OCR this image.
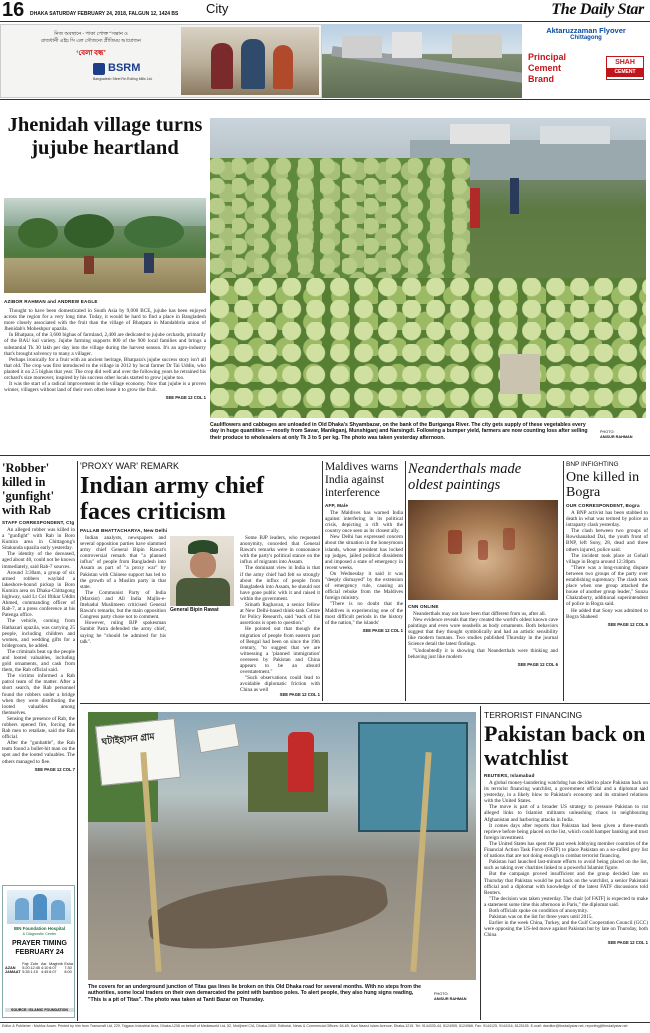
16 DHAKA SATURDAY FEBRUARY 24, 2018, FALGUN 12, 1424 BS City	The Daily Star
নিজ অবস্থানে - পাকা পোক্ত “সন্তান ও
রাজধানী এইচ সি এল সৌজন্যে প্রীতিময় আয়োজন
‘বেলা বন্ধ’
BSRM
Bangladesh Steel Re-Rolling Mills Ltd.
Aktaruzzaman Flyover
Chittagong
Principal
Cement
Brand
SHAH
CEMENT
Jhenidah village turns jujube heartland
AZIBOR RAHMAN and ANDREW EAGLE

Thought to have been domesticated in South Asia by 9,000 BCE, jujube has been enjoyed across the region for a very long time. Today, it would be hard to find a place in Bangladesh more closely associated with the fruit than the village of Bhatpara in Mandabbria union of Jhenidah's Moheshpur upazila.

In Bhatpara, of the 3,600 bighas of farmland, 2,400 are dedicated to jujube orchards, primarily of the BAU kul variety. Jujube farming supports 800 of the 900 local families and brings a substantial Tk 30 lakh per day into the village during the harvest season. It's an agro-industry that's brought solvency to many a villager.

Perhaps ironically for a fruit with an ancient heritage, Bhatpara's jujube success story isn't all that old. The crop was first introduced to the village in 2012 by local farmer Dr Tai Uddin, who planted it on 2.5 bighas that year. The crop did well and over the following years he retrained his orchard's size moreover, inspired by his success other locals started to grow jujube too.

It was the start of a radical improvement in the village economy. Now that jujube is a proven winner, villagers without land of their own often lease it to grow the fruit.

SEE PAGE 12 COL 1
Cauliflowers and cabbages are unloaded in Old Dhaka's Shyambazar, on the bank of the Buriganga River. The city gets supply of these vegetables every day in huge quantities — mostly from Savar, Manikganj, Munshiganj and Narsingdi. Following a bumper yield, farmers are now counting loss after selling their produce to wholesalers at only Tk 3 to 5 per kg. The photo was taken yesterday afternoon.
PHOTO:
ANISUR RAHMAN
'Robber' killed in 'gunfight' with Rab
STAFF CORRESPONDENT, Ctg

An alleged robber was killed in a "gunfight" with Rab in Boro Kumira area in Chittagong's Sitakunda upazila early yesterday.

The identity of the deceased, aged about 40, could not be known immediately, said Rab-7 sources.

Around 3:30am, a group of six armed robbers waylaid a lakeshore-bound pickup in Boro Kumira area on Dhaka-Chittagong highway, said Lt Col Iftikar Uddin Ahmed, commanding officer of Rab-7, at a press conference at his Patenga office.

The vehicle, coming from Hathazari upazila, was carrying 25 people, including children and women, and wedding gifts for a bridegroom, he added.

The criminals beat up the people and looted valuables, including gold ornaments, and cash from them, the Rab official said.

The victims informed a Rab patrol team of the matter. After a short search, the Rab personnel found the robbers under a bridge when they were distributing the looted valuables among themselves.

Sensing the presence of Rab, the robbers opened fire, forcing the Rab men to retaliate, said the Rab official.

After the "gunbattle", the Rab team found a bullet-hit man on the spot and the looted valuables. The others managed to flee.

SEE PAGE 12 COL 7
IBN Foundation Hospital
& Diagnostic Center
PRAYER TIMING
FEBRUARY 24
	Fajr	Zohr	Asr	Maghrib	Esha
AZAN	5:20	12:45	4:10	6:07	7:30
JAMAAT	5:35	1:15	4:45	6:07	8:00
SOURCE: ISLAMIC FOUNDATION
'PROXY WAR' REMARK
Indian army chief faces criticism
PALLAB BHATTACHARYA, New Delhi
General Bipin Rawat

Indian analysts, newspapers and several opposition parties have slammed army chief General Bipin Rawat's controversial remark that "a planned influx" of people from Bangladesh into Assam as part of "a proxy war" by Pakistan with Chinese support has led to the growth of a Muslim party in that state.

The Communist Party of India (Marxist) and All India Majlis-e-Ittehadul Muslimeen criticised General Rawat's remarks, but the main opposition Congress party chose not to comment.

However, ruling BJP spokesman Sambit Patra defended the army chief, saying he "should be admired for his talk".

Some BJP leaders, who requested anonymity, conceded that General Rawat's remarks were in consonance with the party's political stance on the influx of migrants into Assam.

The dominant view in India is that if the army chief had felt so strongly about the influx of people from Bangladesh into Assam, he should not have gone public with it and raised it within the government.

Srinath Raghavan, a senior fellow at New Delhi-based think-tank Centre for Policy Research, said "each of his assertions is open to question."

He pointed out that though the migration of people from eastern part of Bengal had been on since the 19th century, "to suggest that we are witnessing a 'planned immigration' overseen by Pakistan and China appears to be an absurd overstatement."

"Such observations could lead to avoidable diplomatic friction with China as well

SEE PAGE 12 COL 1
Maldives warns India against interference
AFP, Male

The Maldives has warned India against interfering in its political crisis, depicting a rift with the country once seen as its closest ally.

New Delhi has expressed concern about the situation in the honeymoon islands, whose president has locked up judges, jailed political dissidents and imposed a state of emergency in recent weeks.

On Wednesday it said it was "deeply dismayed" by the extension of emergency rule, causing an official rebuke from the Maldives foreign ministry.

"There is no doubt that the Maldives is experiencing one of the most difficult periods in the history of the nation," the islands'

SEE PAGE 12 COL 1
Neanderthals made oldest paintings
CNN ONLINE

Neanderthals may not have been that different from us, after all.

New evidence reveals that they created the world's oldest known cave paintings and even wore seashells as body ornaments. Both behaviors suggest that they thought symbolically and had an artistic sensibility like modern humans. Two studies published Thursday in the journal Science detail the latest findings.

"Undoubtedly it is showing that Neanderthals were thinking and behaving just like modern

SEE PAGE 12 COL 6
BNP INFIGHTING
One killed in Bogra
OUR CORRESPONDENT, Bogra

A BNP activist has been stabbed to death in what was termed by police an intraparty clash yesterday.

The clash between two groups of Rowshanabad Dal, the youth front of BNP, left Sony, 28, dead and three others injured, police said.

The incident took place at Gohail village in Bogra around 12:30pm.

"There was a long-running dispute between two groups of the party over establishing supremacy. The clash took place when one group attacked the house of another group leader," Sunzu Chakraborty, additional superintendent of police in Bogra said.

He added that Sony was admitted to Bogra Shaheed

SEE PAGE 12 COL 5
ঘটাইহাসন গ্রাম
The covers for an underground junction of Titas gas lines lie broken on this Old Dhaka road for several months. With no steps from the authorities, some local traders on their own demarcated the point with bamboo poles. To alert people, they also hung signs reading, "This is a pit of Titas". The photo was taken at Tanti Bazar on Thursday.
PHOTO:
ANISUR RAHMAN
TERRORIST FINANCING
Pakistan back on watchlist
REUTERS, Islamabad

A global money-laundering watchdog has decided to place Pakistan back on its terrorist financing watchlist, a government official and a diplomat said yesterday, in a likely blow to Pakistan's economy and its strained relations with the United States.

The move is part of a broader US strategy to pressure Pakistan to cut alleged links to Islamist militants unleashing chaos in neighbouring Afghanistan and harboring attacks in India.

It comes days after reports that Pakistan had been given a three-month reprieve before being placed on the list, which could hamper banking and trust foreign investment.

The United States has spent the past week lobbying member countries of the Financial Action Task Force (FATF) to place Pakistan on a so-called grey list of nations that are not doing enough to combat terrorist financing.

Pakistan had launched last-minute efforts to avoid being placed on the list, such as taking over charities linked to a powerful Islamist figure.

But the campaign proved insufficient and the group decided late on Thursday that Pakistan would be put back on the watchlist, a senior Pakistani official and a diplomat with knowledge of the latest FATF discussions told Reuters.

"The decision was taken yesterday. The chair [of FATF] is expected to make a statement some time this afternoon in Paris," the diplomat said.

Both officials spoke on condition of anonymity.

Pakistan was on the list for three years until 2015.

Earlier in the week China, Turkey, and the Gulf Cooperation Council (GCC) were opposing the US-led move against Pakistan but by late on Thursday, both China

SEE PAGE 12 COL 1
Editor & Publisher : Mahfuz Anam. Printed by him from Transcraft Ltd, 229, Tejgaon Industrial Area, Dhaka-1208 on behalf of Mediaworld Ltd, 52, Motijheel C/A, Dhaka-1000. Editorial, News & Commercial Offices: 64-65, Kazi Nazrul Islam Avenue, Dhaka-1215. Tel: 9144330-44, 8124955, 8124966. Fax: 9144125, 9144116, 8125155. E-mail: dseditor@thedailystar.net, reporting@thedailystar.net
